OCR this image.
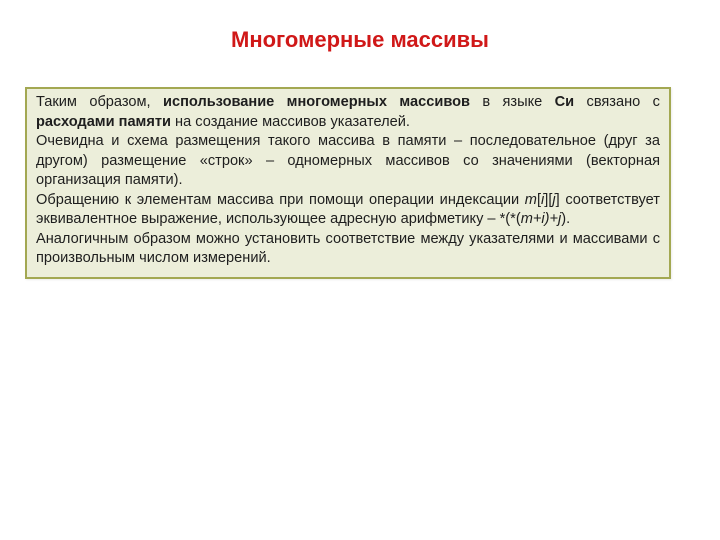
Многомерные массивы

Таким образом, использование многомерных массивов в языке Си связано с расходами памяти на создание массивов указателей.

Очевидна и схема размещения такого массива в памяти – последовательное (друг за другом) размещение «строк» – одномерных массивов со значениями (векторная организация памяти).

Обращению к элементам массива при помощи операции индексации m[i][j] соответствует эквивалентное выражение, использующее адресную арифметику – *(*(m+i)+j).

Аналогичным образом можно установить соответствие между указателями и массивами с произвольным числом измерений.
